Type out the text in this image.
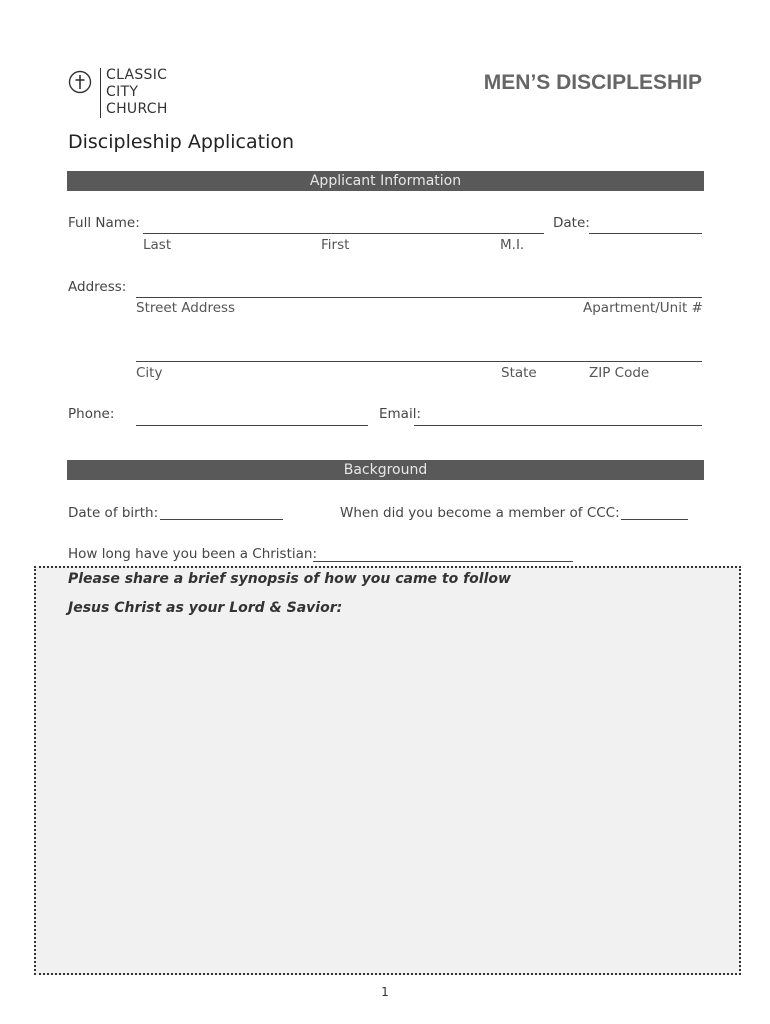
CLASSIC
CITY
CHURCH
MEN’S DISCIPLESHIP
Discipleship Application
Applicant Information
Full Name:	Date:
Last	First	M.I.
Address:
Street Address	Apartment/Unit #
City	State	ZIP Code
Phone:	Email:
Background
Date of birth:	When did you become a member of CCC:
How long have you been a Christian:
Please share a brief synopsis of how you came to follow
Jesus Christ as your Lord & Savior:
1
